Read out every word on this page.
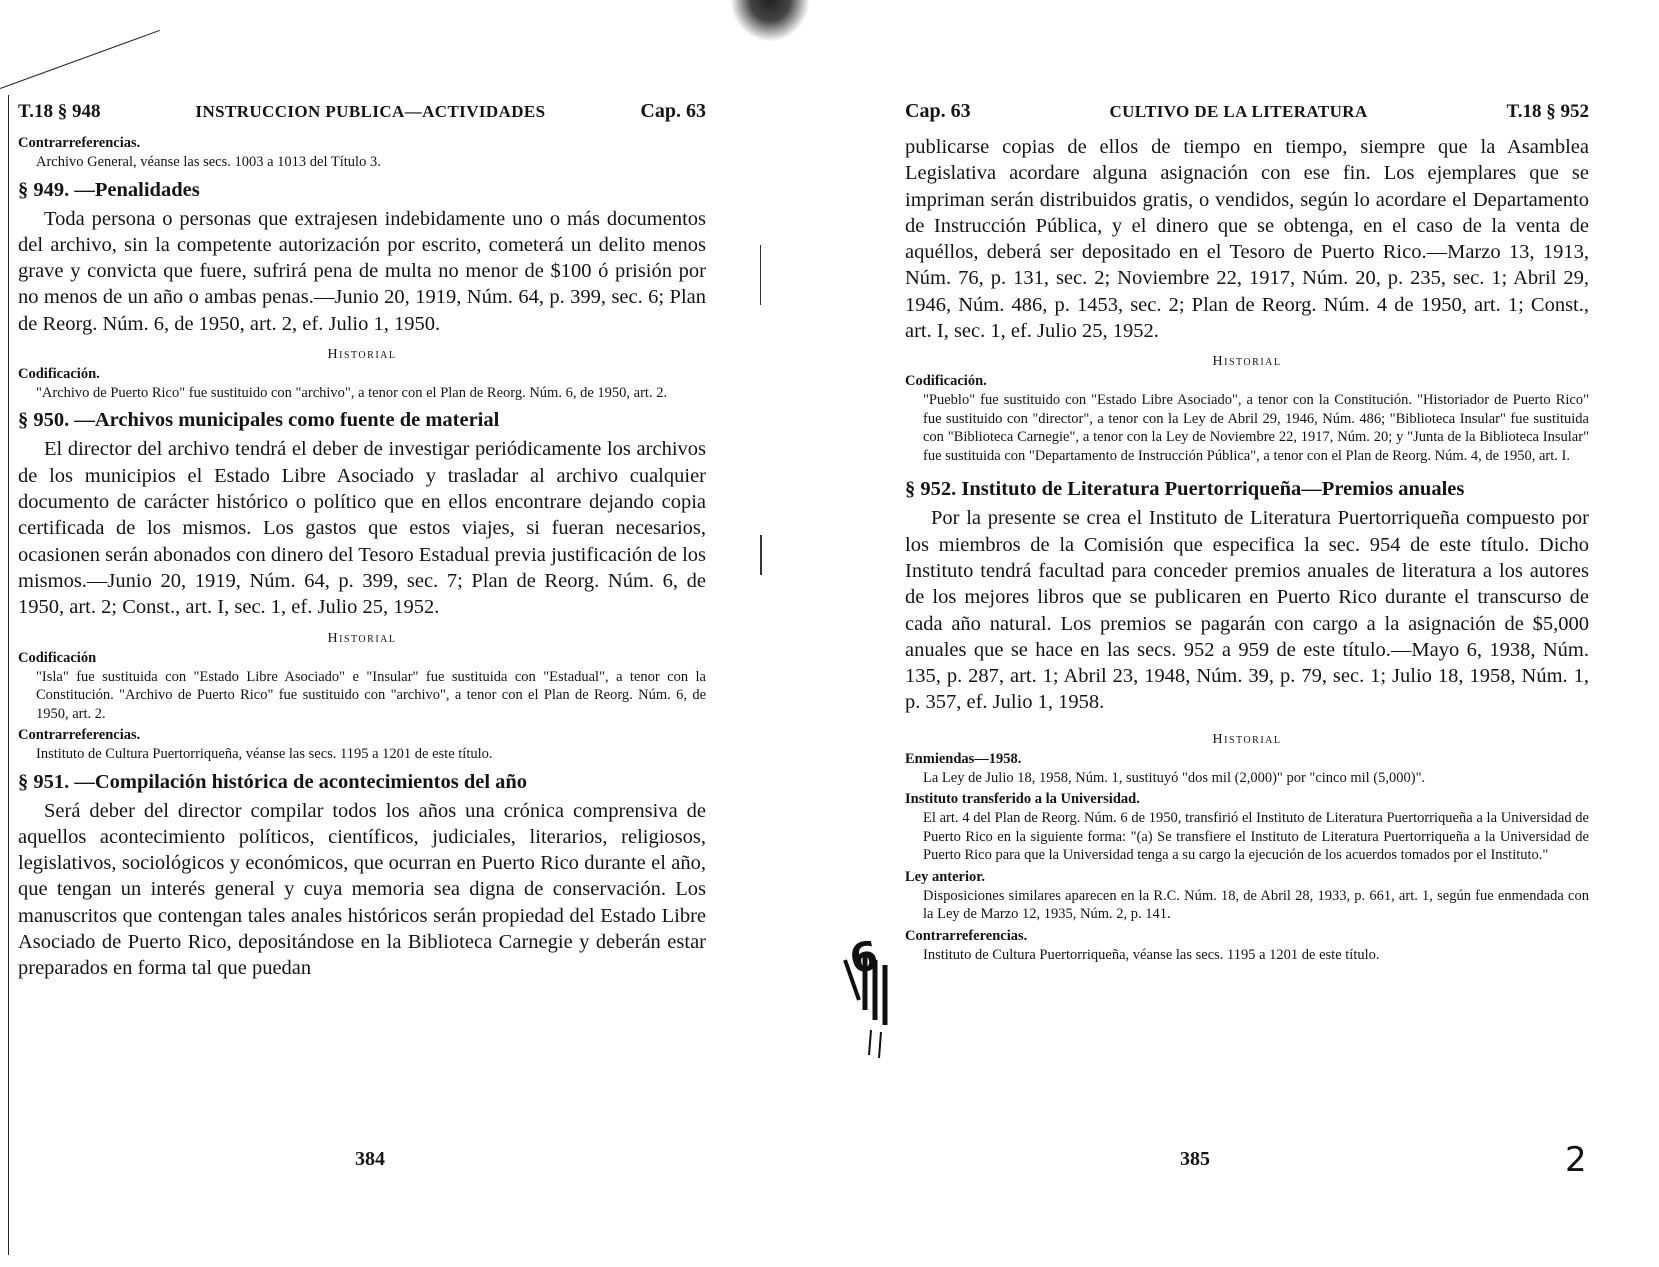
T.18 § 948	INSTRUCCION PUBLICA—ACTIVIDADES	Cap. 63
Contrarreferencias.

Archivo General, véanse las secs. 1003 a 1013 del Título 3.

§ 949. —Penalidades

Toda persona o personas que extrajesen indebidamente uno o más documentos del archivo, sin la competente autorización por escrito, cometerá un delito menos grave y convicta que fuere, sufrirá pena de multa no menor de $100 ó prisión por no menos de un año o ambas penas.—Junio 20, 1919, Núm. 64, p. 399, sec. 6; Plan de Reorg. Núm. 6, de 1950, art. 2, ef. Julio 1, 1950.

Historial
Codificación.

"Archivo de Puerto Rico" fue sustituido con "archivo", a tenor con el Plan de Reorg. Núm. 6, de 1950, art. 2.

§ 950. —Archivos municipales como fuente de material

El director del archivo tendrá el deber de investigar periódicamente los archivos de los municipios el Estado Libre Asociado y trasladar al archivo cualquier documento de carácter histórico o político que en ellos encontrare dejando copia certificada de los mismos. Los gastos que estos viajes, si fueran necesarios, ocasionen serán abonados con dinero del Tesoro Estadual previa justificación de los mismos.—Junio 20, 1919, Núm. 64, p. 399, sec. 7; Plan de Reorg. Núm. 6, de 1950, art. 2; Const., art. I, sec. 1, ef. Julio 25, 1952.

Historial
Codificación

"Isla" fue sustituida con "Estado Libre Asociado" e "Insular" fue sustituida con "Estadual", a tenor con la Constitución. "Archivo de Puerto Rico" fue sustituido con "archivo", a tenor con el Plan de Reorg. Núm. 6, de 1950, art. 2.

Contrarreferencias.

Instituto de Cultura Puertorriqueña, véanse las secs. 1195 a 1201 de este título.

§ 951. —Compilación histórica de acontecimientos del año

Será deber del director compilar todos los años una crónica comprensiva de aquellos acontecimiento políticos, científicos, judiciales, literarios, religiosos, legislativos, sociológicos y económicos, que ocurran en Puerto Rico durante el año, que tengan un interés general y cuya memoria sea digna de conservación. Los manuscritos que contengan tales anales históricos serán propiedad del Estado Libre Asociado de Puerto Rico, depositándose en la Biblioteca Carnegie y deberán estar preparados en forma tal que puedan

384
Cap. 63	CULTIVO DE LA LITERATURA	T.18 § 952

publicarse copias de ellos de tiempo en tiempo, siempre que la Asamblea Legislativa acordare alguna asignación con ese fin. Los ejemplares que se impriman serán distribuidos gratis, o vendidos, según lo acordare el Departamento de Instrucción Pública, y el dinero que se obtenga, en el caso de la venta de aquéllos, deberá ser depositado en el Tesoro de Puerto Rico.—Marzo 13, 1913, Núm. 76, p. 131, sec. 2; Noviembre 22, 1917, Núm. 20, p. 235, sec. 1; Abril 29, 1946, Núm. 486, p. 1453, sec. 2; Plan de Reorg. Núm. 4 de 1950, art. 1; Const., art. I, sec. 1, ef. Julio 25, 1952.

Historial
Codificación.

"Pueblo" fue sustituido con "Estado Libre Asociado", a tenor con la Constitución. "Historiador de Puerto Rico" fue sustituido con "director", a tenor con la Ley de Abril 29, 1946, Núm. 486; "Biblioteca Insular" fue sustituida con "Biblioteca Carnegie", a tenor con la Ley de Noviembre 22, 1917, Núm. 20; y "Junta de la Biblioteca Insular" fue sustituida con "Departamento de Instrucción Pública", a tenor con el Plan de Reorg. Núm. 4, de 1950, art. I.

§ 952. Instituto de Literatura Puertorriqueña—Premios anuales

Por la presente se crea el Instituto de Literatura Puertorriqueña compuesto por los miembros de la Comisión que especifica la sec. 954 de este título. Dicho Instituto tendrá facultad para conceder premios anuales de literatura a los autores de los mejores libros que se publicaren en Puerto Rico durante el transcurso de cada año natural. Los premios se pagarán con cargo a la asignación de $5,000 anuales que se hace en las secs. 952 a 959 de este título.—Mayo 6, 1938, Núm. 135, p. 287, art. 1; Abril 23, 1948, Núm. 39, p. 79, sec. 1; Julio 18, 1958, Núm. 1, p. 357, ef. Julio 1, 1958.

Historial
Enmiendas—1958.

La Ley de Julio 18, 1958, Núm. 1, sustituyó "dos mil (2,000)" por "cinco mil (5,000)".

Instituto transferido a la Universidad.

El art. 4 del Plan de Reorg. Núm. 6 de 1950, transfirió el Instituto de Literatura Puertorriqueña a la Universidad de Puerto Rico en la siguiente forma: "(a) Se transfiere el Instituto de Literatura Puertorriqueña a la Universidad de Puerto Rico para que la Universidad tenga a su cargo la ejecución de los acuerdos tomados por el Instituto."

Ley anterior.

Disposiciones similares aparecen en la R.C. Núm. 18, de Abril 28, 1933, p. 661, art. 1, según fue enmendada con la Ley de Marzo 12, 1935, Núm. 2, p. 141.

Contrarreferencias.

Instituto de Cultura Puertorriqueña, véanse las secs. 1195 a 1201 de este título.

6
2
385
